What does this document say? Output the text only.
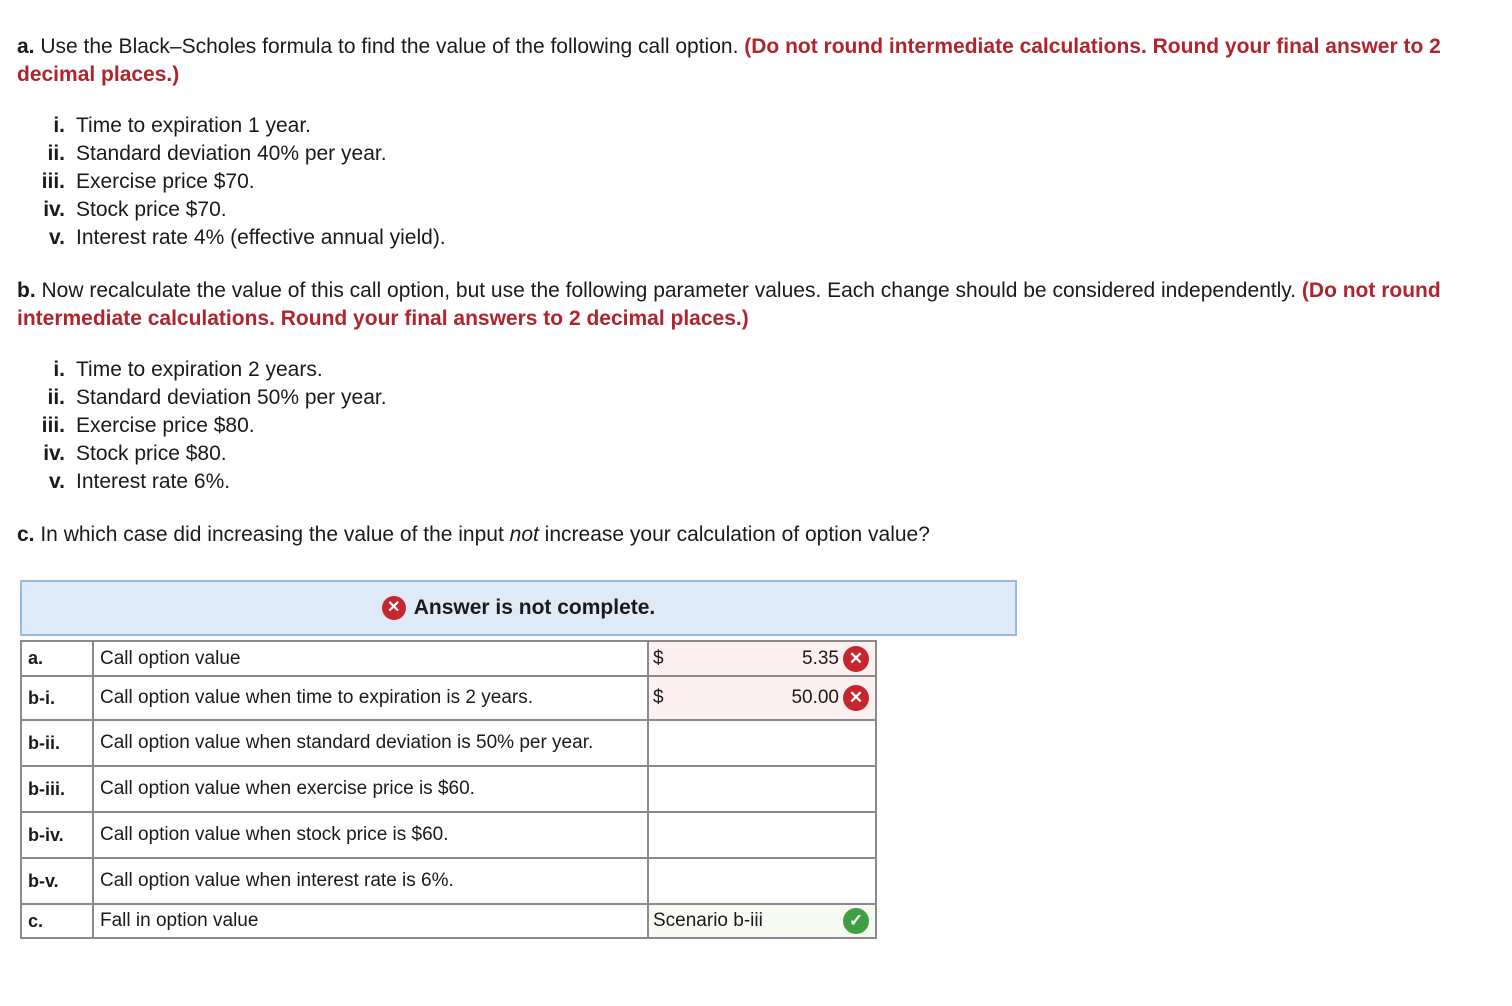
a. Use the Black–Scholes formula to find the value of the following call option. (Do not round intermediate calculations. Round your final answer to 2 decimal places.)
i. Time to expiration 1 year.
ii. Standard deviation 40% per year.
iii. Exercise price $70.
iv. Stock price $70.
v. Interest rate 4% (effective annual yield).
b. Now recalculate the value of this call option, but use the following parameter values. Each change should be considered independently. (Do not round intermediate calculations. Round your final answers to 2 decimal places.)
i. Time to expiration 2 years.
ii. Standard deviation 50% per year.
iii. Exercise price $80.
iv. Stock price $80.
v. Interest rate 6%.
c. In which case did increasing the value of the input not increase your calculation of option value?
✕ Answer is not complete.
a.	Call option value	$ 5.35 ✕

b-i.	Call option value when time to expiration is 2 years.	$ 50.00 ✕

b-ii.	Call option value when standard deviation is 50% per year.	
b-iii.	Call option value when exercise price is $60.	
b-iv.	Call option value when stock price is $60.	
b-v.	Call option value when interest rate is 6%.	
c.	Fall in option value	Scenario b-iii ✓
